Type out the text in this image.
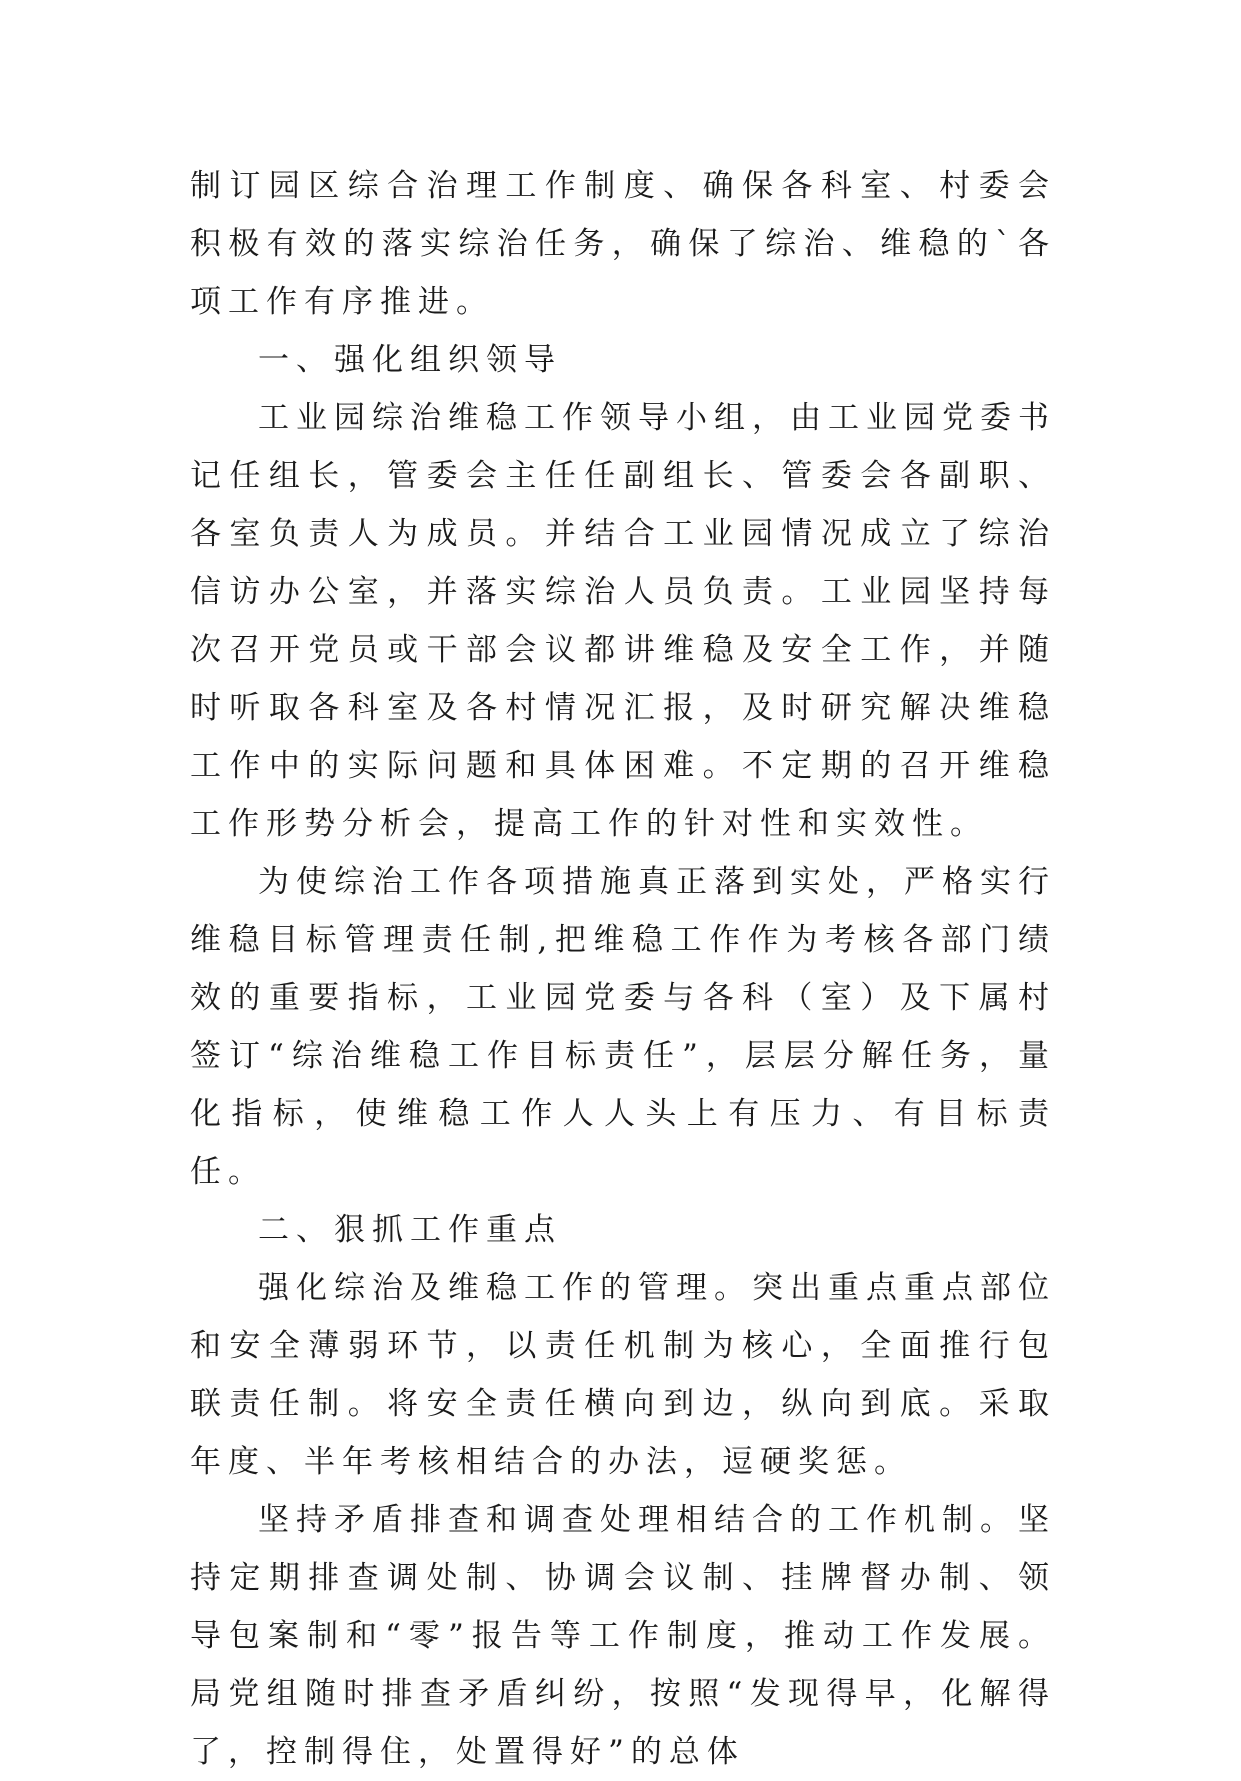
制订园区综合治理工作制度、确保各科室、村委会积极有效的落实综治任务，确保了综治、维稳的`各项工作有序推进。

一、强化组织领导

工业园综治维稳工作领导小组，由工业园党委书记任组长，管委会主任任副组长、管委会各副职、各室负责人为成员。并结合工业园情况成立了综治信访办公室，并落实综治人员负责。工业园坚持每次召开党员或干部会议都讲维稳及安全工作，并随时听取各科室及各村情况汇报，及时研究解决维稳工作中的实际问题和具体困难。不定期的召开维稳工作形势分析会，提高工作的针对性和实效性。

为使综治工作各项措施真正落到实处，严格实行维稳目标管理责任制,把维稳工作作为考核各部门绩效的重要指标，工业园党委与各科（室）及下属村签订“综治维稳工作目标责任”，层层分解任务，量化指标，使维稳工作人人头上有压力、有目标责任。

二、狠抓工作重点

强化综治及维稳工作的管理。突出重点重点部位和安全薄弱环节，以责任机制为核心，全面推行包联责任制。将安全责任横向到边，纵向到底。采取年度、半年考核相结合的办法，逗硬奖惩。

坚持矛盾排查和调查处理相结合的工作机制。坚持定期排查调处制、协调会议制、挂牌督办制、领导包案制和“零”报告等工作制度，推动工作发展。局党组随时排查矛盾纠纷，按照“发现得早，化解得了，控制得住，处置得好”的总体
